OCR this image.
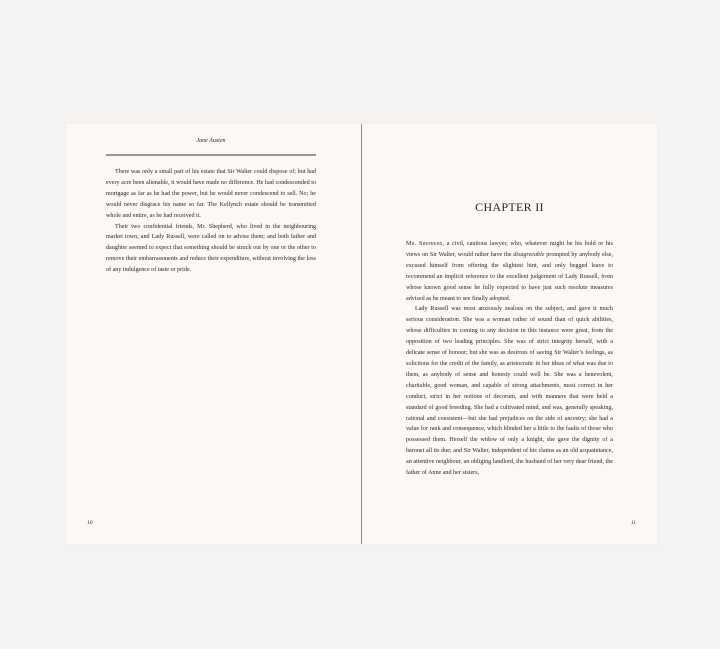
Jane Austen

There was only a small part of his estate that Sir Walter could dispose of; but had every acre been alienable, it would have made no difference. He had condescended to mortgage as far as he had the power, but he would never condescend to sell. No; he would never disgrace his name so far. The Kellynch estate should be transmitted whole and entire, as he had received it.

Their two confidential friends, Mr. Shepherd, who lived in the neighbouring market town, and Lady Russell, were called on to advise them; and both father and daughter seemed to expect that something should be struck out by one or the other to remove their embarrassments and reduce their expenditure, without involving the loss of any indulgence of taste or pride.

10
CHAPTER II

Mr. Shepherd, a civil, cautious lawyer, who, whatever might be his hold or his views on Sir Walter, would rather have the disagreeable prompted by anybody else, excused himself from offering the slightest hint, and only begged leave to recommend an implicit reference to the excellent judgement of Lady Russell, from whose known good sense he fully expected to have just such resolute measures advised as he meant to see finally adopted.

Lady Russell was most anxiously zealous on the subject, and gave it much serious consideration. She was a woman rather of sound than of quick abilities, whose difficulties in coming to any decision in this instance were great, from the opposition of two leading principles. She was of strict integrity herself, with a delicate sense of honour; but she was as desirous of saving Sir Walter’s feelings, as solicitous for the credit of the family, as aristocratic in her ideas of what was due to them, as anybody of sense and honesty could well be. She was a benevolent, charitable, good woman, and capable of strong attachments, most correct in her conduct, strict in her notions of decorum, and with manners that were held a standard of good breeding. She had a cultivated mind, and was, generally speaking, rational and consistent—but she had prejudices on the side of ancestry; she had a value for rank and consequence, which blinded her a little to the faults of those who possessed them. Herself the widow of only a knight, she gave the dignity of a baronet all its due; and Sir Walter, independent of his claims as an old acquaintance, an attentive neighbour, an obliging landlord, the husband of her very dear friend, the father of Anne and her sisters,

11
